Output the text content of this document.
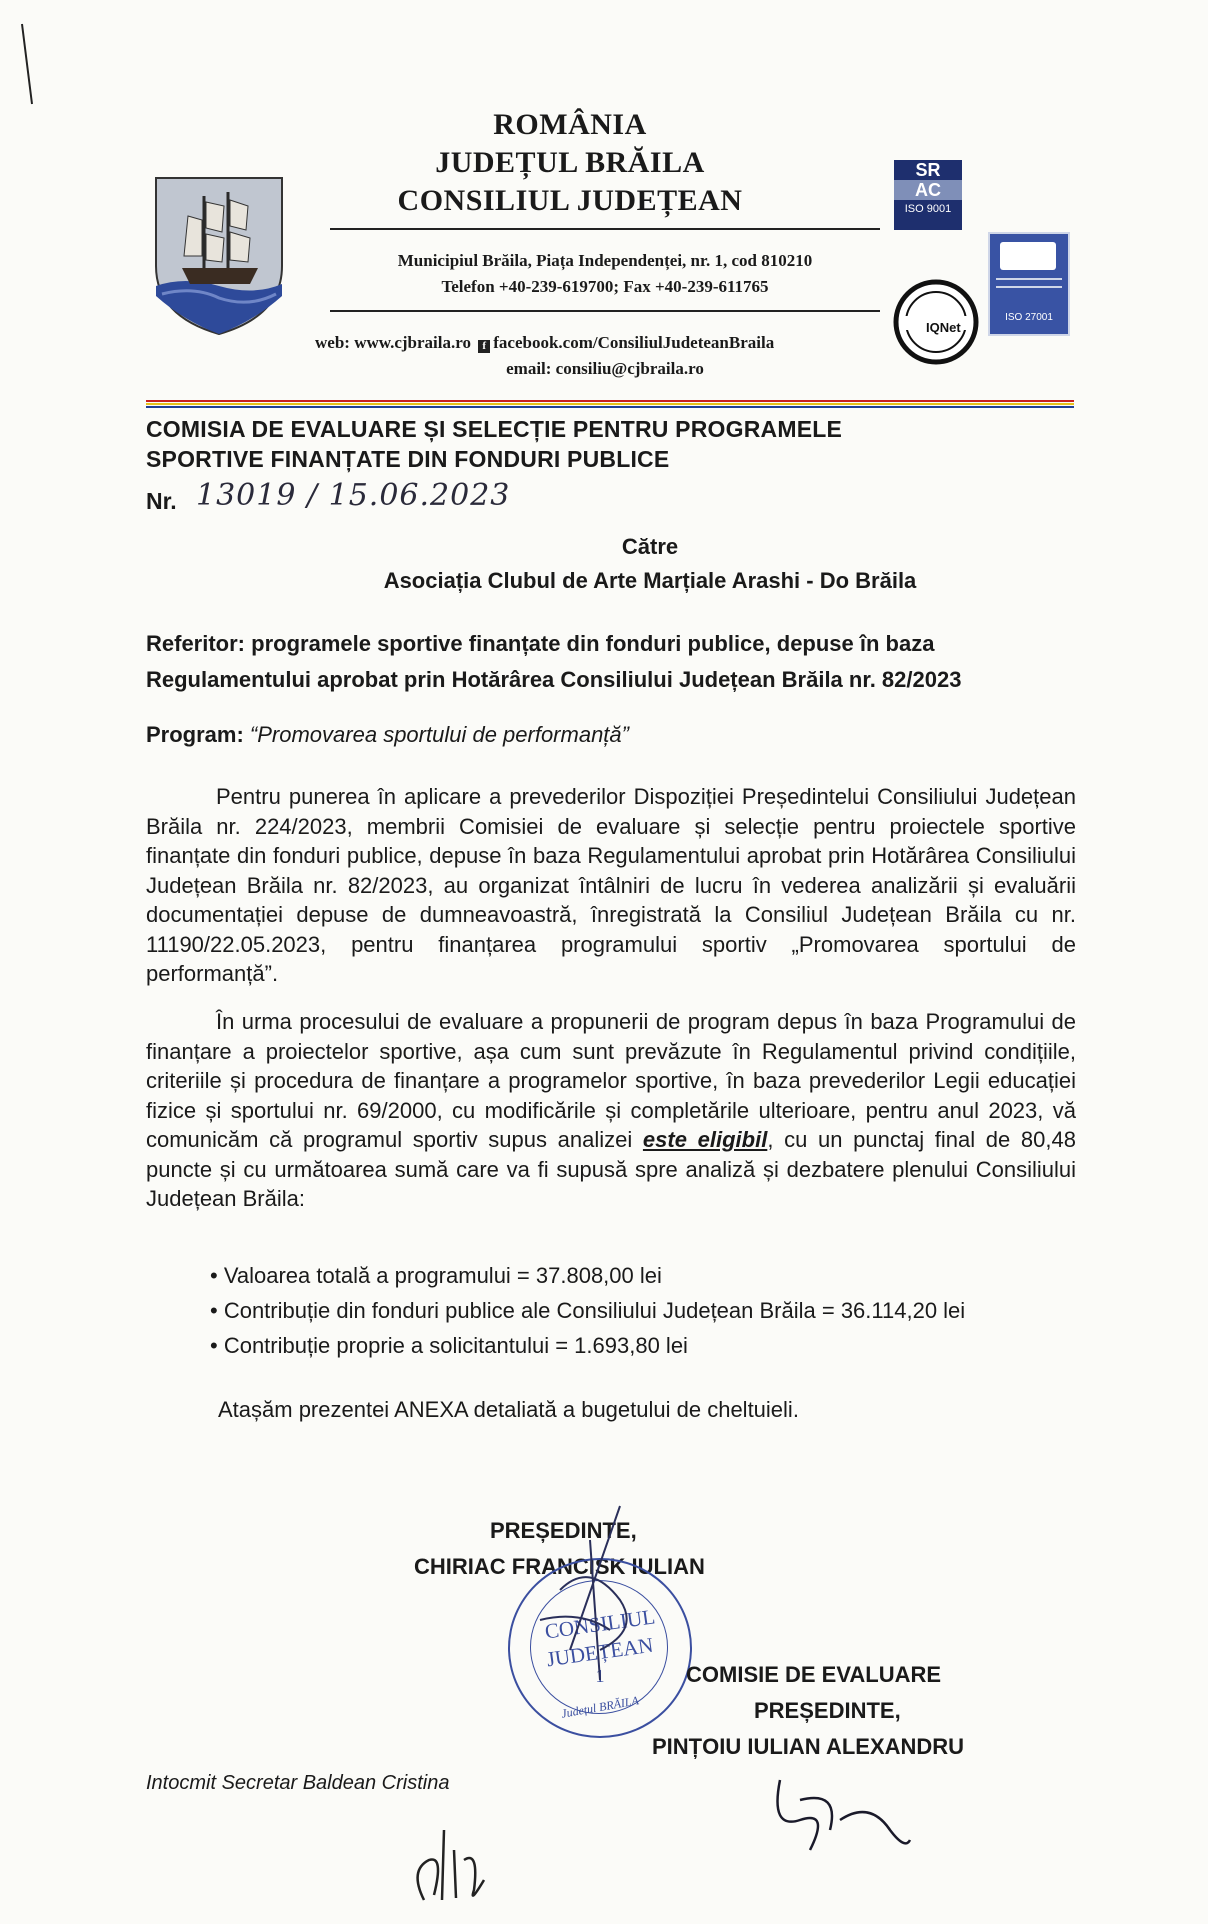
ROMÂNIA
JUDEȚUL BRĂILA
CONSILIUL JUDEȚEAN
Municipiul Brăila, Piața Independenței, nr. 1, cod 810210
Telefon +40-239-619700; Fax +40-239-611765
web: www.cjbraila.ro f facebook.com/ConsiliulJudeteanBraila
email: consiliu@cjbraila.ro
SR
AC
ISO 9001
IQNet
ISO 27001
COMISIA DE EVALUARE ȘI SELECȚIE PENTRU PROGRAMELE
SPORTIVE FINANȚATE DIN FONDURI PUBLICE
Nr. 13019 / 15.06.2023
Către
Asociația Clubul de Arte Marțiale Arashi - Do Brăila
Referitor: programele sportive finanțate din fonduri publice, depuse în baza
Regulamentului aprobat prin Hotărârea Consiliului Județean Brăila nr. 82/2023
Program: “Promovarea sportului de performanță”
Pentru punerea în aplicare a prevederilor Dispoziției Președintelui Consiliului Județean Brăila nr. 224/2023, membrii Comisiei de evaluare și selecție pentru proiectele sportive finanțate din fonduri publice, depuse în baza Regulamentului aprobat prin Hotărârea Consiliului Județean Brăila nr. 82/2023, au organizat întâlniri de lucru în vederea analizării și evaluării documentației depuse de dumneavoastră, înregistrată la Consiliul Județean Brăila cu nr. 11190/22.05.2023, pentru finanțarea programului sportiv „Promovarea sportului de performanță”.
În urma procesului de evaluare a propunerii de program depus în baza Programului de finanțare a proiectelor sportive, așa cum sunt prevăzute în Regulamentul privind condițiile, criteriile și procedura de finanțare a programelor sportive, în baza prevederilor Legii educației fizice și sportului nr. 69/2000, cu modificările și completările ulterioare, pentru anul 2023, vă comunicăm că programul sportiv supus analizei este eligibil, cu un punctaj final de 80,48 puncte și cu următoarea sumă care va fi supusă spre analiză și dezbatere plenului Consiliului Județean Brăila:
• Valoarea totală a programului = 37.808,00 lei
• Contribuție din fonduri publice ale Consiliului Județean Brăila = 36.114,20 lei
• Contribuție proprie a solicitantului = 1.693,80 lei
Atașăm prezentei ANEXA detaliată a bugetului de cheltuieli.
PREȘEDINTE,
CHIRIAC FRANCISK IULIAN
CONSILIUL
JUDEȚEAN
1
Județul BRĂILA
COMISIE DE EVALUARE
PREȘEDINTE,
PINȚOIU IULIAN ALEXANDRU
Intocmit Secretar Baldean Cristina
